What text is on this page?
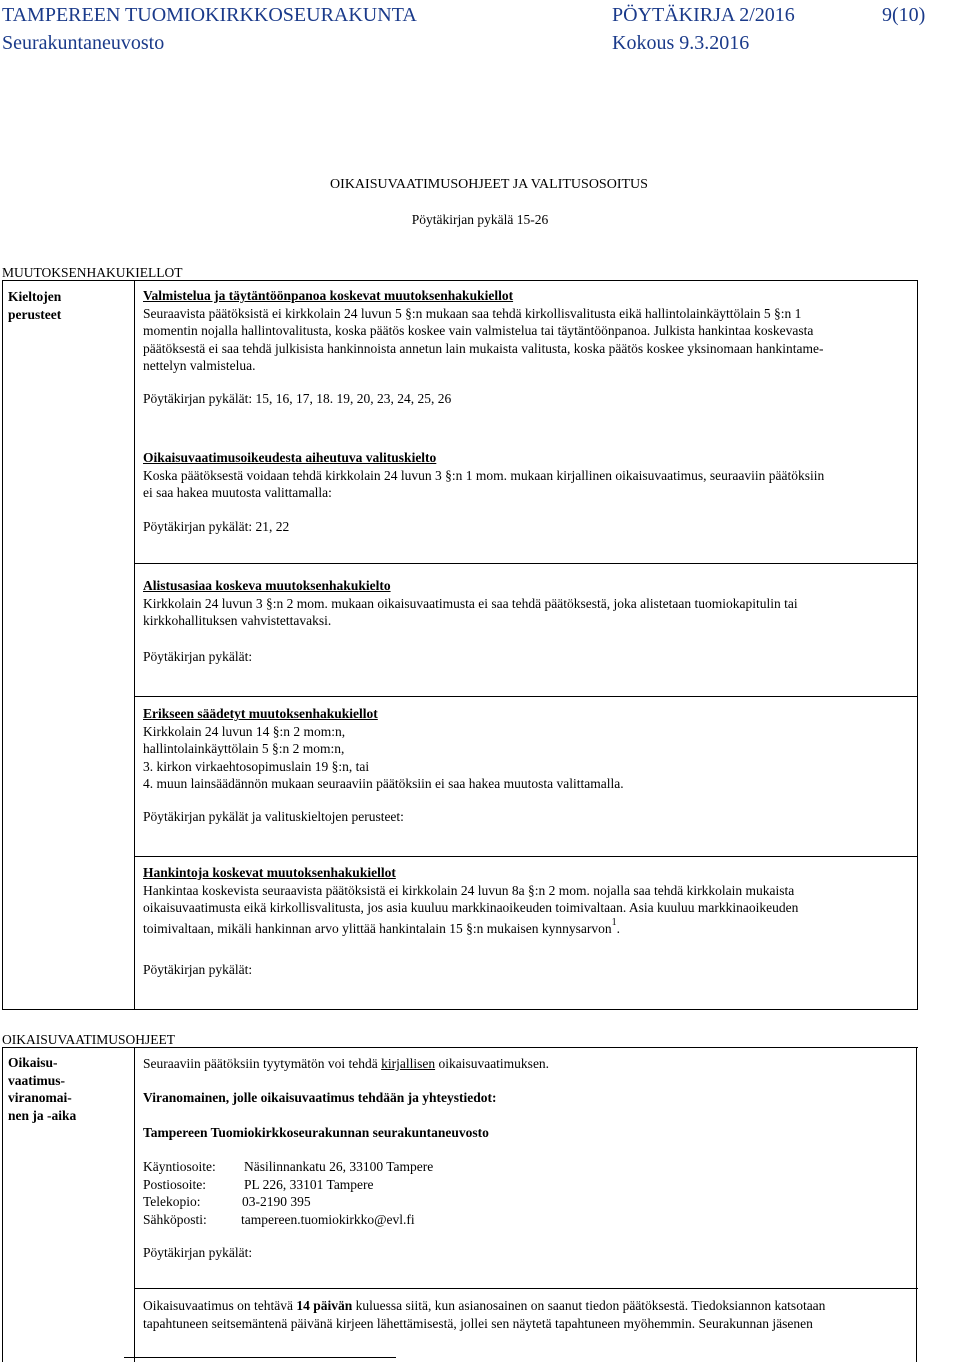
TAMPEREEN TUOMIOKIRKKOSEURAKUNTA	PÖYTÄKIRJA 2/2016	9(10)
Seurakuntaneuvosto	Kokous 9.3.2016
OIKAISUVAATIMUSOHJEET JA VALITUSOSOITUS
Pöytäkirjan pykälä 15-26
MUUTOKSENHAKUKIELLOT
Kieltojen
perusteet
Valmistelua ja täytäntöönpanoa koskevat muutoksenhakukiellot
Seuraavista päätöksistä ei kirkkolain 24 luvun 5 §:n mukaan saa tehdä kirkollisvalitusta eikä hallintolainkäyttölain 5 §:n 1
momentin nojalla hallintovalitusta, koska päätös koskee vain valmistelua tai täytäntöönpanoa. Julkista hankintaa koskevasta
päätöksestä ei saa tehdä julkisista hankinnoista annetun lain mukaista valitusta, koska päätös koskee yksinomaan hankintame-
nettelyn valmistelua.
Pöytäkirjan pykälät: 15, 16, 17, 18. 19, 20, 23, 24, 25, 26
Oikaisuvaatimusoikeudesta aiheutuva valituskielto
Koska päätöksestä voidaan tehdä kirkkolain 24 luvun 3 §:n 1 mom. mukaan kirjallinen oikaisuvaatimus, seuraaviin päätöksiin
ei saa hakea muutosta valittamalla:
Pöytäkirjan pykälät: 21, 22
Alistusasiaa koskeva muutoksenhakukielto
Kirkkolain 24 luvun 3 §:n 2 mom. mukaan oikaisuvaatimusta ei saa tehdä päätöksestä, joka alistetaan tuomiokapitulin tai
kirkkohallituksen vahvistettavaksi.
Pöytäkirjan pykälät:
Erikseen säädetyt muutoksenhakukiellot
Kirkkolain 24 luvun 14 §:n 2 mom:n,
hallintolainkäyttölain 5 §:n 2 mom:n,
3. kirkon virkaehtosopimuslain 19 §:n, tai
4. muun lainsäädännön mukaan seuraaviin päätöksiin ei saa hakea muutosta valittamalla.
Pöytäkirjan pykälät ja valituskieltojen perusteet:
Hankintoja koskevat muutoksenhakukiellot
Hankintaa koskevista seuraavista päätöksistä ei kirkkolain 24 luvun 8a §:n 2 mom. nojalla saa tehdä kirkkolain mukaista
oikaisuvaatimusta eikä kirkollisvalitusta, jos asia kuuluu markkinaoikeuden toimivaltaan. Asia kuuluu markkinaoikeuden
toimivaltaan, mikäli hankinnan arvo ylittää hankintalain 15 §:n mukaisen kynnysarvon$^1$.
Pöytäkirjan pykälät:
OIKAISUVAATIMUSOHJEET
Oikaisu-
vaatimus-
viranomai-
nen ja -aika
Seuraaviin päätöksiin tyytymätön voi tehdä kirjallisen oikaisuvaatimuksen.
Viranomainen, jolle oikaisuvaatimus tehdään ja yhteystiedot:
Tampereen Tuomiokirkkoseurakunnan seurakuntaneuvosto
Käyntiosoite: Näsilinnankatu 26, 33100 Tampere
Postiosoite:	PL 226, 33101 Tampere
Telekopio:	03-2190 395
Sähköposti:	tampereen.tuomiokirkko@evl.fi
Pöytäkirjan pykälät:
Oikaisuvaatimus on tehtävä 14 päivän kuluessa siitä, kun asianosainen on saanut tiedon päätöksestä. Tiedoksiannon katsotaan
tapahtuneen seitsemäntenä päivänä kirjeen lähettämisestä, jollei sen näytetä tapahtuneen myöhemmin. Seurakunnan jäsenen
